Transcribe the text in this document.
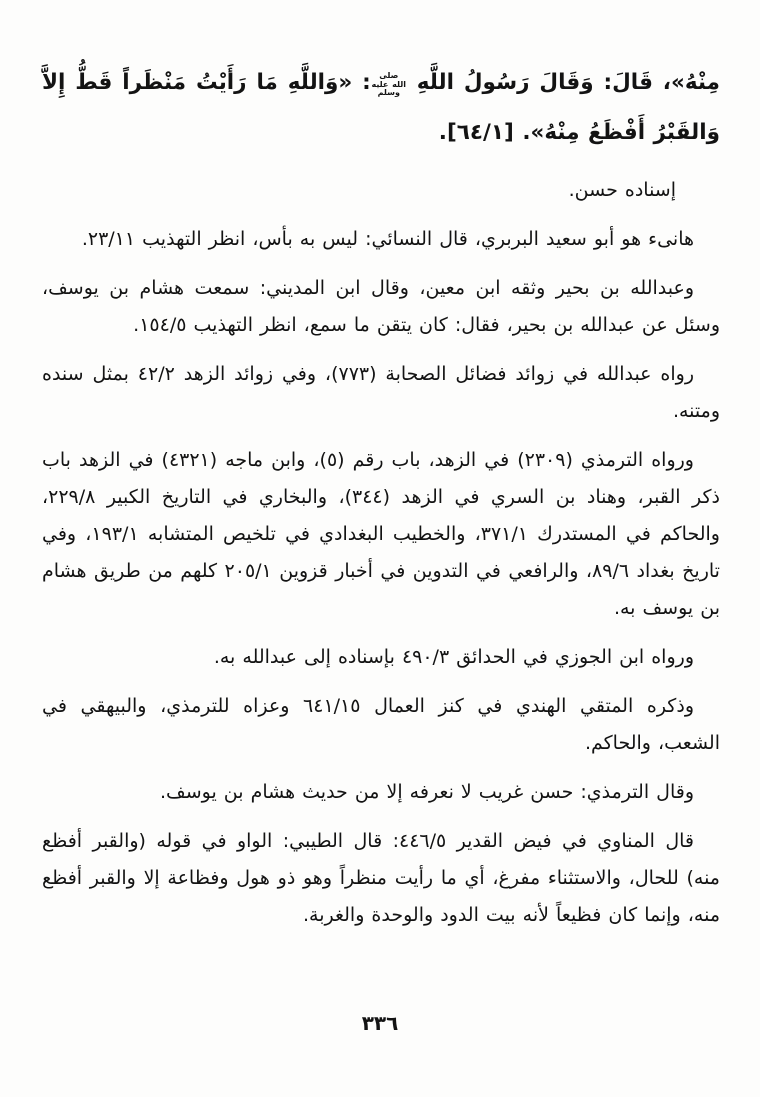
مِنْهُ»، قَالَ: وَقَالَ رَسُولُ اللَّهِ صلى الله عليه وسلم: «وَاللَّهِ مَا رَأَيْتُ مَنْظَراً قَطُّ إِلاَّ وَالقَبْرُ أَفْظَعُ مِنْهُ». [٦٤/١].

إسناده حسن.

هانىء هو أبو سعيد البربري، قال النسائي: ليس به بأس، انظر التهذيب ٢٣/١١.

وعبدالله بن بحير وثقه ابن معين، وقال ابن المديني: سمعت هشام بن يوسف، وسئل عن عبدالله بن بحير، فقال: كان يتقن ما سمع، انظر التهذيب ١٥٤/٥.

رواه عبدالله في زوائد فضائل الصحابة (٧٧٣)، وفي زوائد الزهد ٤٢/٢ بمثل سنده ومتنه.

ورواه الترمذي (٢٣٠٩) في الزهد، باب رقم (٥)، وابن ماجه (٤٣٢١) في الزهد باب ذكر القبر، وهناد بن السري في الزهد (٣٤٤)، والبخاري في التاريخ الكبير ٢٢٩/٨، والحاكم في المستدرك ٣٧١/١، والخطيب البغدادي في تلخيص المتشابه ١٩٣/١، وفي تاريخ بغداد ٨٩/٦، والرافعي في التدوين في أخبار قزوين ٢٠٥/١ كلهم من طريق هشام بن يوسف به.

ورواه ابن الجوزي في الحدائق ٤٩٠/٣ بإسناده إلى عبدالله به.

وذكره المتقي الهندي في كنز العمال ٦٤١/١٥ وعزاه للترمذي، والبيهقي في الشعب، والحاكم.

وقال الترمذي: حسن غريب لا نعرفه إلا من حديث هشام بن يوسف.

قال المناوي في فيض القدير ٤٤٦/٥: قال الطيبي: الواو في قوله (والقبر أفظع منه) للحال، والاستثناء مفرغ، أي ما رأيت منظراً وهو ذو هول وفظاعة إلا والقبر أفظع منه، وإنما كان فظيعاً لأنه بيت الدود والوحدة والغربة.

٣٣٦
